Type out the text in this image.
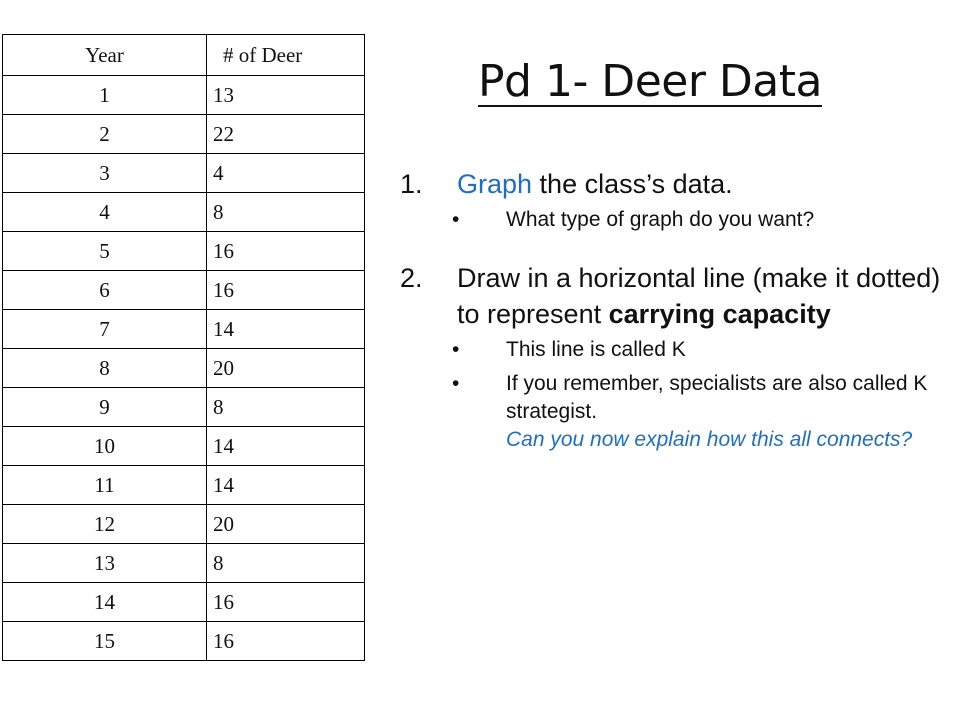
Year	# of Deer
1	13
2	22
3	4
4	8
5	16
6	16
7	14
8	20
9	8
10	14
11	14
12	20
13	8
14	16
15	16
Pd 1- Deer Data
1. Graph the class’s data.
• What type of graph do you want?
2. Draw in a horizontal line (make it dotted) to represent carrying capacity
• This line is called K
• If you remember, specialists are also called K strategist.
Can you now explain how this all connects?
